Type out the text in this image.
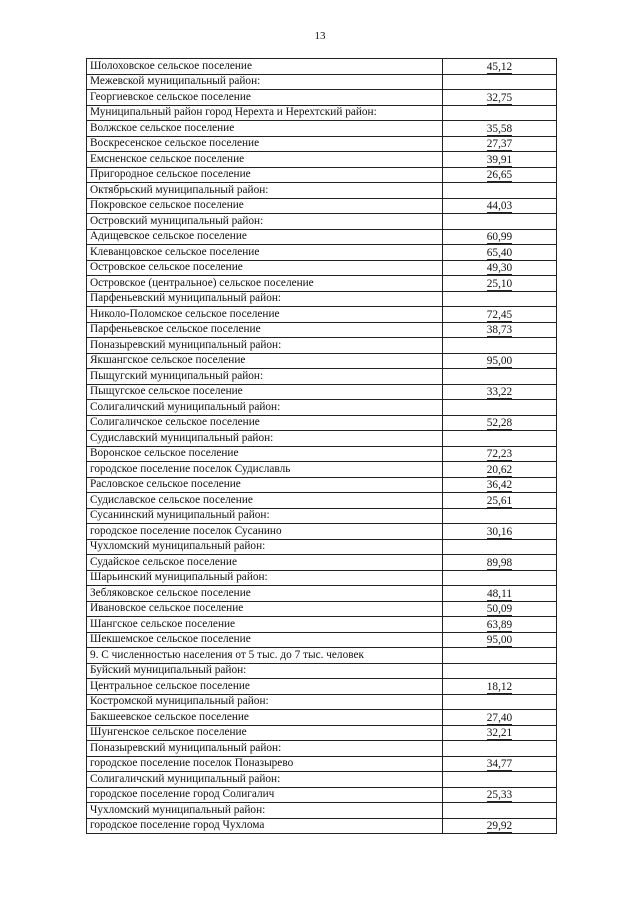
13
Шолоховское сельское поселение	45,12
Межевской муниципальный район:	
Георгиевское сельское поселение	32,75
Муниципальный район город Нерехта и Нерехтский район:	
Волжское сельское поселение	35,58
Воскресенское сельское поселение	27,37
Емсненское сельское поселение	39,91
Пригородное сельское поселение	26,65
Октябрьский муниципальный район:	
Покровское сельское поселение	44,03
Островский муниципальный район:	
Адищевское сельское поселение	60,99
Клеванцовское сельское поселение	65,40
Островское сельское поселение	49,30
Островское (центральное) сельское поселение	25,10
Парфеньевский муниципальный район:	
Николо-Поломское сельское поселение	72,45
Парфеньевское сельское поселение	38,73
Поназыревский муниципальный район:	
Якшангское сельское поселение	95,00
Пыщугский муниципальный район:	
Пыщугское сельское поселение	33,22
Солигаличский муниципальный район:	
Солигаличское сельское поселение	52,28
Судиславский муниципальный район:	
Воронское сельское поселение	72,23
городское поселение поселок Судиславль	20,62
Расловское сельское поселение	36,42
Судиславское сельское поселение	25,61
Сусанинский муниципальный район:	
городское поселение поселок Сусанино	30,16
Чухломский муниципальный район:	
Судайское сельское поселение	89,98
Шарьинский муниципальный район:	
Зебляковское сельское поселение	48,11
Ивановское сельское поселение	50,09
Шангское сельское поселение	63,89
Шекшемское сельское поселение	95,00
9. С численностью населения от 5 тыс. до 7 тыс. человек	
Буйский муниципальный район:	
Центральное сельское поселение	18,12
Костромской муниципальный район:	
Бакшеевское сельское поселение	27,40
Шунгенское сельское поселение	32,21
Поназыревский муниципальный район:	
городское поселение поселок Поназырево	34,77
Солигаличский муниципальный район:	
городское поселение город Солигалич	25,33
Чухломский муниципальный район:	
городское поселение город Чухлома	29,92
